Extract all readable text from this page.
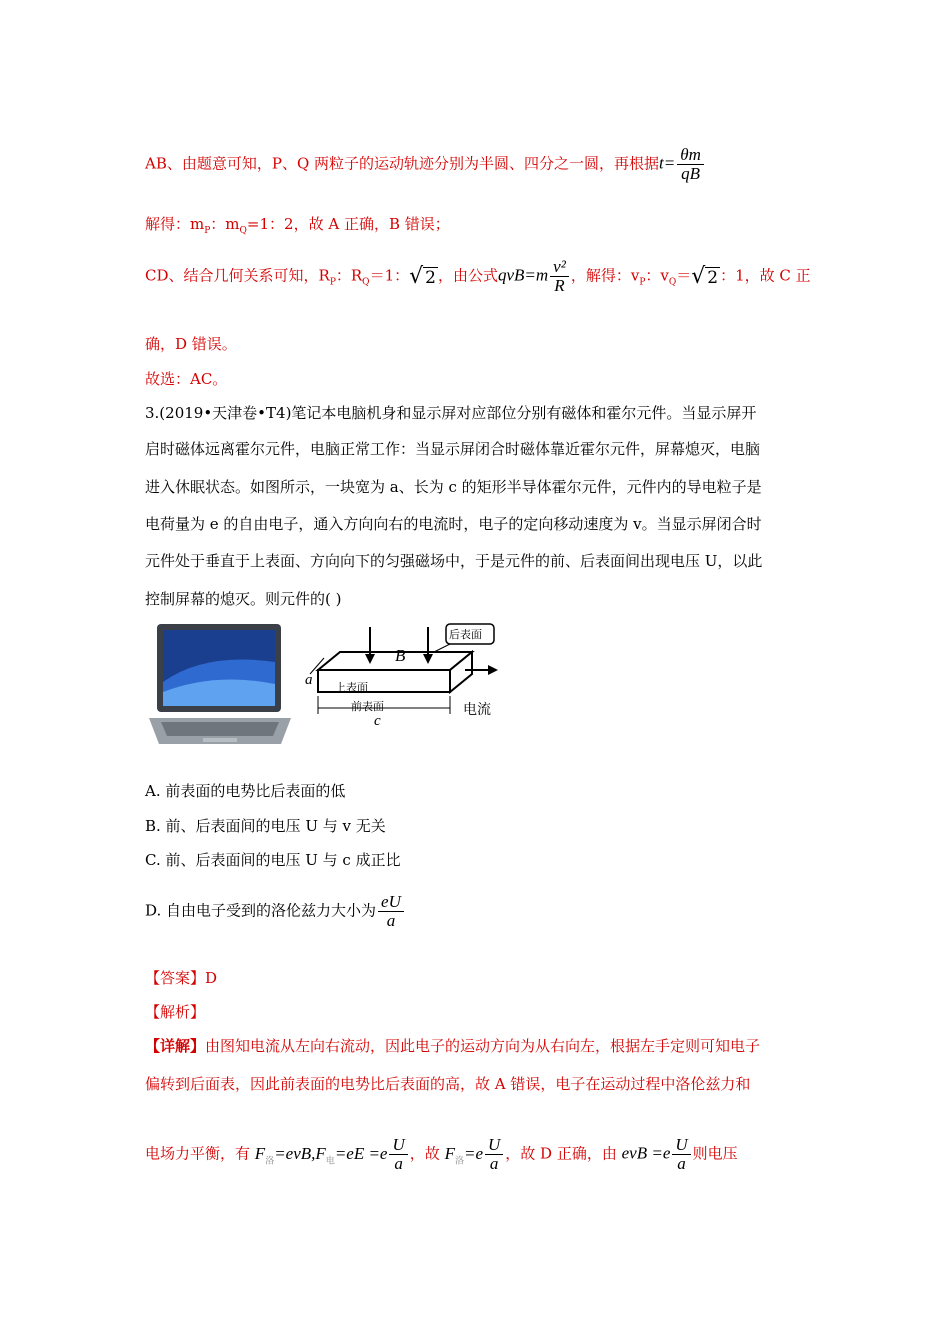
AB、由题意可知，P、Q 两粒子的运动轨迹分别为半圆、四分之一圆，再根据$t= \frac{\theta m}{qB}$
解得：$m_P$：$m_Q=1$：2，故 A 正确，B 错误；
CD、结合几何关系可知，$R_P$：$R_Q=1$：√ 2 ，由公式$qvB=m \frac{\text{v²}}{R}$ ，解得：$v_P$：$v_Q=√$ 2 ：1，故 C 正
确，D 错误。
故选：AC。
3.(2019•天津卷•T4)笔记本电脑机身和显示屏对应部位分别有磁体和霍尔元件。当显示屏开
启时磁体远离霍尔元件，电脑正常工作：当显示屏闭合时磁体靠近霍尔元件，屏幕熄灭，电脑
进入休眠状态。如图所示，一块宽为 a、长为 c 的矩形半导体霍尔元件，元件内的导电粒子是
电荷量为 e 的自由电子，通入方向向右的电流时，电子的定向移动速度为 v。当显示屏闭合时
元件处于垂直于上表面、方向向下的匀强磁场中，于是元件的前、后表面间出现电压 U，以此
控制屏幕的熄灭。则元件的( )
B
后表面
上表面
前表面
a
c
电流
A. 前表面的电势比后表面的低
B. 前、后表面间的电压 U 与 v 无关
C. 前、后表面间的电压 U 与 c 成正比
D. 自由电子受到的洛伦兹力大小为 $\frac{eU}{a}$
【答案】D
【解析】
【详解】由图知电流从左向右流动，因此电子的运动方向为从右向左，根据左手定则可知电子
偏转到后面表，因此前表面的电势比后表面的高，故 A 错误，电子在运动过程中洛伦兹力和
电场力平衡，有 $F_洛=evB,F_电=eE =e \frac{U}{a}$ ，故 $F_洛=e \frac{U}{a}$ ，故 D 正确，由 evB $=e \frac{U}{a}$ 则电压
